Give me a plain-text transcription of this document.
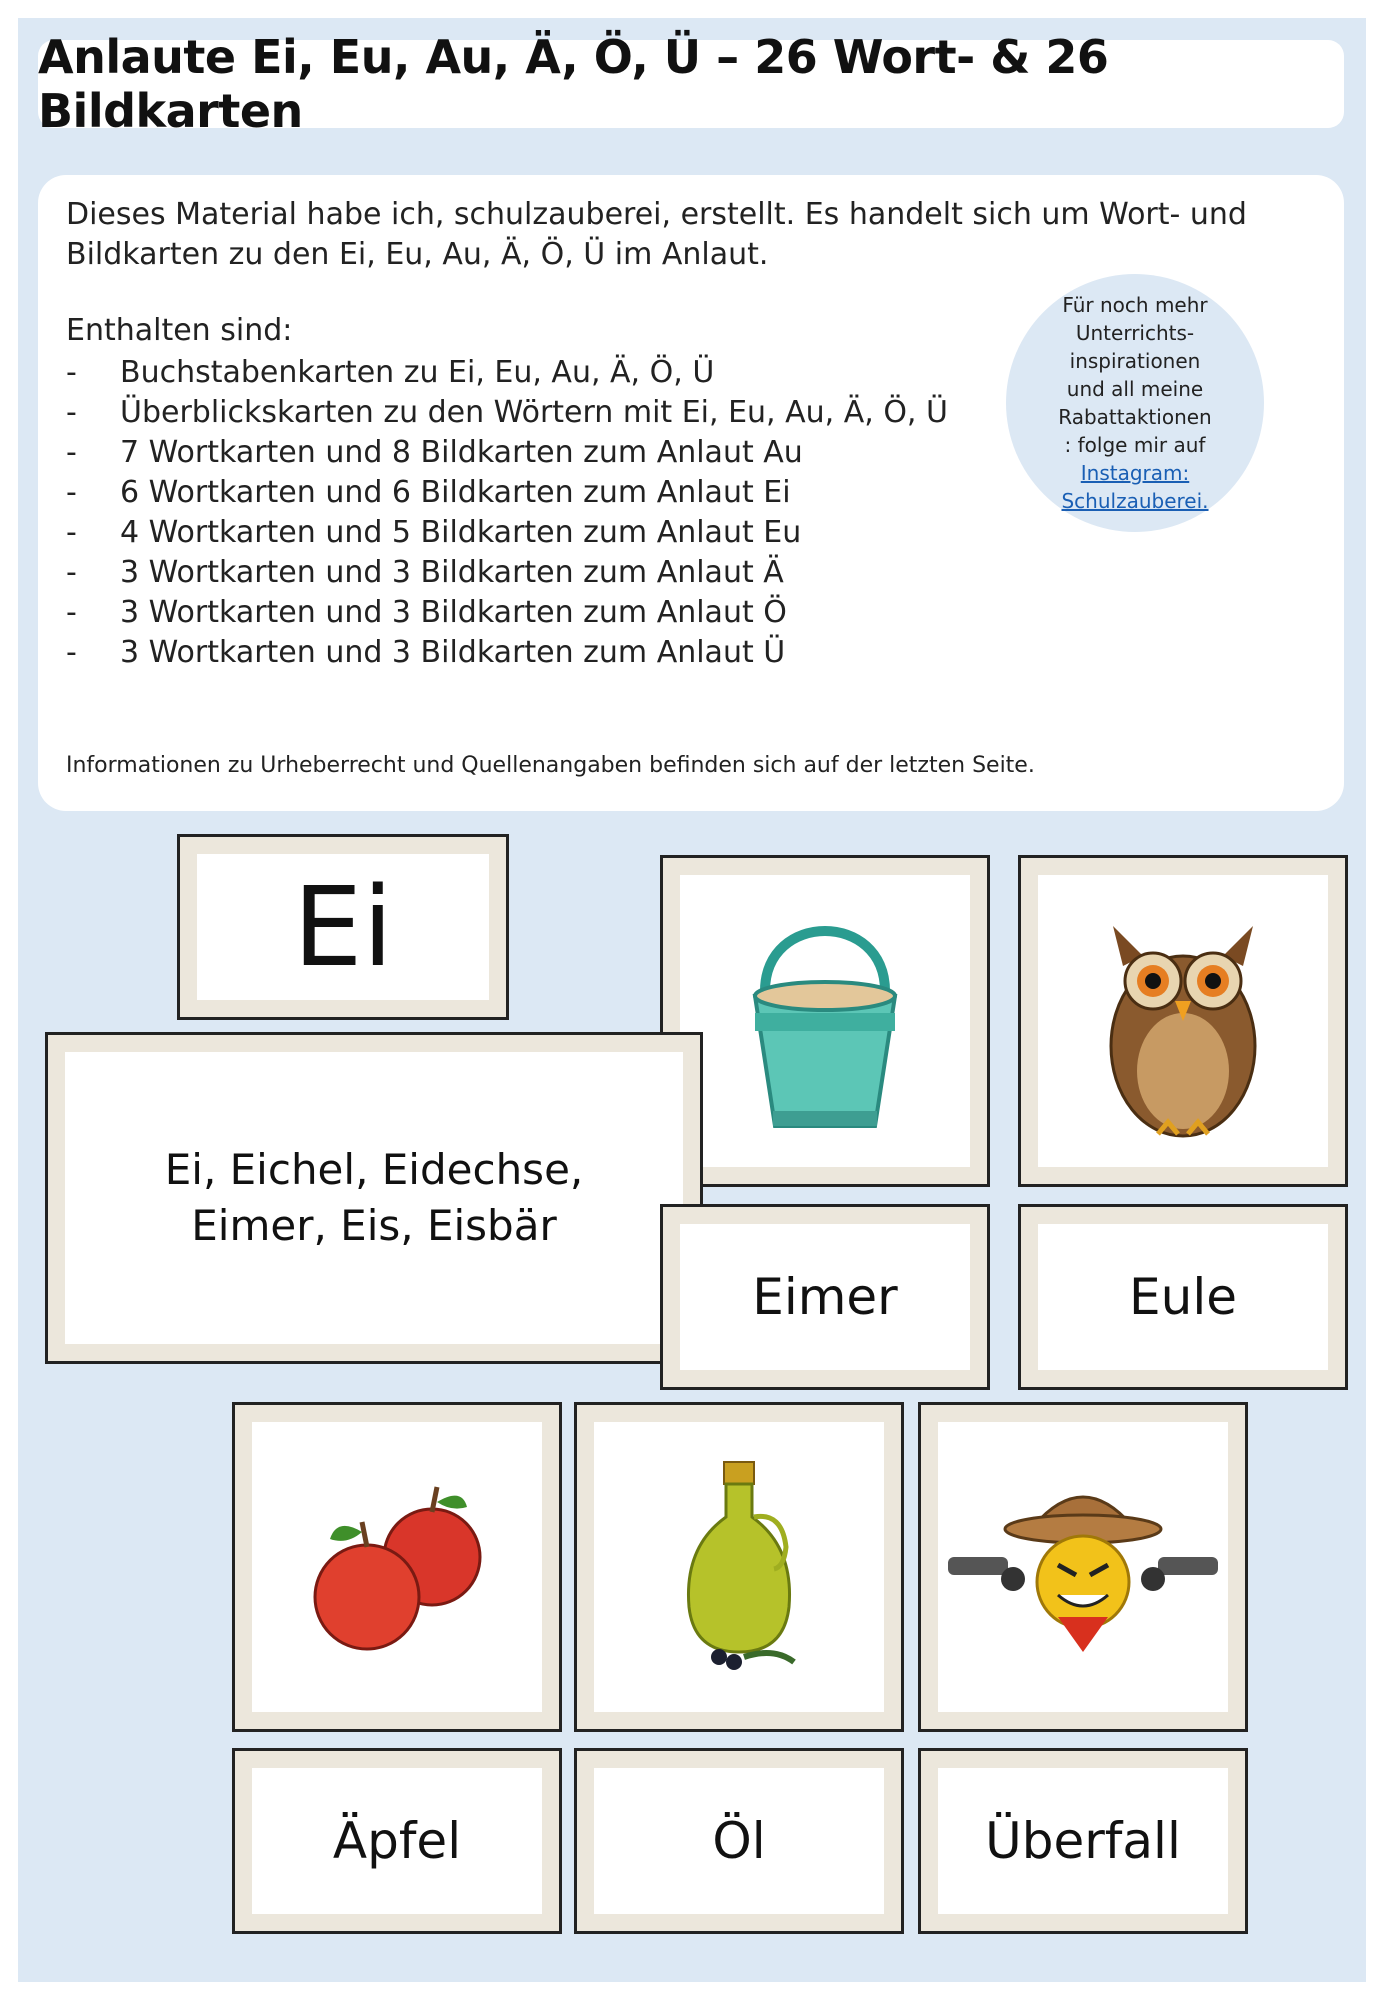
Anlaute Ei, Eu, Au, Ä, Ö, Ü – 26 Wort- & 26 Bildkarten

Dieses Material habe ich, schulzauberei, erstellt. Es handelt sich um Wort- und Bildkarten zu den Ei, Eu, Au, Ä, Ö, Ü im Anlaut.

Enthalten sind:

-	Buchstabenkarten zu Ei, Eu, Au, Ä, Ö, Ü
-	Überblickskarten zu den Wörtern mit Ei, Eu, Au, Ä, Ö, Ü
-	7 Wortkarten und 8 Bildkarten zum Anlaut Au
-	6 Wortkarten und 6 Bildkarten zum Anlaut Ei
-	4 Wortkarten und 5 Bildkarten zum Anlaut Eu
-	3 Wortkarten und 3 Bildkarten zum Anlaut Ä
-	3 Wortkarten und 3 Bildkarten zum Anlaut Ö
-	3 Wortkarten und 3 Bildkarten zum Anlaut Ü

Informationen zu Urheberrecht und Quellenangaben befinden sich auf der letzten Seite.

Für noch mehr
Unterrichts-
inspirationen
und all meine
Rabattaktionen
: folge mir auf
Instagram:
Schulzauberei.
Ei
Ei, Eichel, Eidechse,
Eimer, Eis, Eisbär
Eimer	Eule
Äpfel	Öl	Überfall
